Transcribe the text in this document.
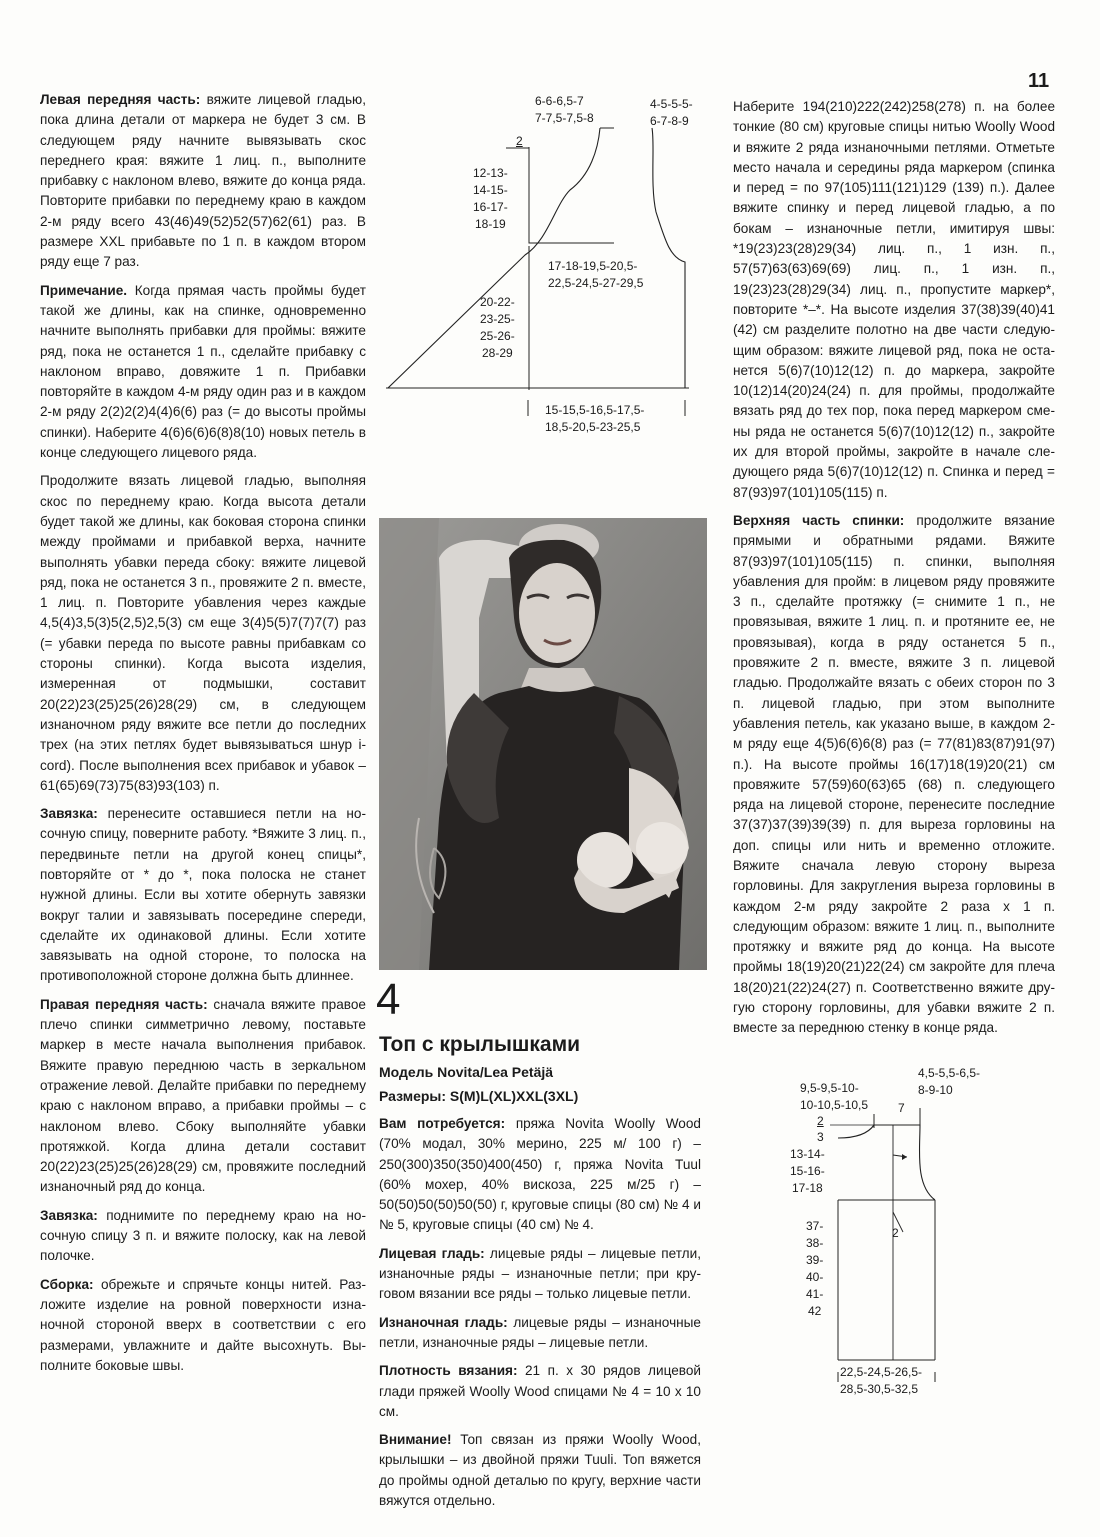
11

Левая передняя часть: вяжите лицевой гладью, пока длина детали от маркера не будет 3 см. В следующем ряду начните вывязывать скос переднего края: вяжите 1 лиц. п., выполните прибавку с наклоном влево, вяжите до конца ряда. Повторите прибавки по переднему краю в каждом 2-м ряду всего 43(46)49(52)52(57)62(61) раз. В размере XXL прибавьте по 1 п. в каждом втором ряду еще 7 раз.

Примечание. Когда прямая часть проймы будет такой же длины, как на спинке, одновременно начните выполнять прибавки для проймы: вяжите ряд, пока не останется 1 п., сделайте прибавку с наклоном вправо, довяжите 1 п. Прибавки повторяйте в каждом 4-м ряду один раз и в каждом 2-м ряду 2(2)2(2)4(4)6(6) раз (= до высоты проймы спинки). Наберите 4(6)6(6)6(8)8(10) новых петель в конце следующего лицевого ряда.

Продолжите вязать лицевой гладью, выполняя скос по переднему краю. Когда высота детали будет такой же длины, как боковая сторона спинки между проймами и прибавкой верха, начните выполнять убавки переда сбоку: вяжите лицевой ряд, пока не останется 3 п., провяжите 2 п. вместе, 1 лиц. п. Повторите убавления через каждые 4,5(4)3,5(3)5(2,5)2,5(3) см еще 3(4)5(5)7(7)7(7) раз (= убавки переда по высоте равны прибавкам со стороны спинки). Когда высота изделия, измеренная от подмышки, составит 20(22)23(25)25(26)28(29) см, в следующем изнаночном ряду вяжите все петли до последних трех (на этих петлях будет вывязываться шнур i-cord). После выполнения всех прибавок и убавок – 61(65)69(73)75(83)93(103) п.

Завязка: перенесите оставшиеся петли на носочную спицу, поверните работу. *Вяжите 3 лиц. п., передвиньте петли на другой конец спицы*, повторяйте от * до *, пока полоска не станет нужной длины. Если вы хотите обернуть завязки вокруг талии и завязывать посередине спереди, сделайте их одинаковой длины. Если хотите завязывать на одной стороне, то полоска на противоположной стороне должна быть длиннее.

Правая передняя часть: сначала вяжите правое плечо спинки симметрично левому, поставьте маркер в месте начала выполнения прибавок. Вяжите правую переднюю часть в зеркальном отражение левой. Делайте прибавки по переднему краю с наклоном вправо, а прибавки проймы – с наклоном влево. Сбоку выполняйте убавки протяжкой. Когда длина детали составит 20(22)23(25)25(26)28(29) см, провяжите последний изнаночный ряд до конца.

Завязка: поднимите по переднему краю на носочную спицу 3 п. и вяжите полоску, как на левой полочке.

Сборка: обрежьте и спрячьте концы нитей. Разложите изделие на ровной поверхности изнаночной стороной вверх в соответствии с его размерами, увлажните и дайте высохнуть. Выполните боковые швы.

6-6-6,5-7
7-7,5-7,5-8
4-5-5-5-
6-7-8-9
2
12-13-
14-15-
16-17-
18-19
17-18-19,5-20,5-
22,5-24,5-27-29,5
20-22-
23-25-
25-26-
28-29
15-15,5-16,5-17,5-
18,5-20,5-23-25,5
4
Топ с крылышками
Модель Novita/Lea Petäjä
Размеры: S(M)L(XL)XXL(3XL)

Вам потребуется: пряжа Novita Woolly Wood (70% модал, 30% мерино, 225 м/ 100 г) – 250(300)350(350)400(450) г, пряжа Novita Tuul (60% мохер, 40% вискоза, 225 м/25 г) – 50(50)50(50)50(50) г, круговые спицы (80 см) № 4 и № 5, круговые спицы (40 см) № 4.

Лицевая гладь: лицевые ряды – лицевые петли, изнаночные ряды – изнаночные петли; при круговом вязании все ряды – только лицевые петли.

Изнаночная гладь: лицевые ряды – изнаночные петли, изнаночные ряды – лицевые петли.

Плотность вязания: 21 п. х 30 рядов лицевой глади пряжей Woolly Wood спицами № 4 = 10 х 10 см.

Внимание! Топ связан из пряжи Woolly Wood, крылышки – из двойной пряжи Tuuli. Топ вяжется до проймы одной деталью по кругу, верхние части вяжутся отдельно.

Наберите 194(210)222(242)258(278) п. на более тонкие (80 см) круговые спицы нитью Woolly Wood и вяжите 2 ряда изнаночными петлями. Отметьте место начала и середины ряда маркером (спинка и перед = по 97(105)111(121)129 (139) п.). Далее вяжите спинку и перед лицевой гладью, а по бокам – изнаночные петли, имитируя швы: *19(23)23(28)29(34) лиц. п., 1 изн. п., 57(57)63(63)69(69) лиц. п., 1 изн. п., 19(23)23(28)29(34) лиц. п., пропустите маркер*, повторите *–*. На высоте изделия 37(38)39(40)41 (42) см разделите полотно на две части следующим образом: вяжите лицевой ряд, пока не останется 5(6)7(10)12(12) п. до маркера, закройте 10(12)14(20)24(24) п. для проймы, продолжайте вязать ряд до тех пор, пока перед маркером смены ряда не останется 5(6)7(10)12(12) п., закройте их для второй проймы, закройте в начале следующего ряда 5(6)7(10)12(12) п. Спинка и перед = 87(93)97(101)105(115) п.

Верхняя часть спинки: продолжите вязание прямыми и обратными рядами. Вяжите 87(93)97(101)105(115) п. спинки, выполняя убавления для пройм: в лицевом ряду провяжите 3 п., сделайте протяжку (= снимите 1 п., не провязывая, вяжите 1 лиц. п. и протяните ее, не провязывая), когда в ряду останется 5 п., провяжите 2 п. вместе, вяжите 3 п. лицевой гладью. Продолжайте вязать с обеих сторон по 3 п. лицевой гладью, при этом выполните убавления петель, как указано выше, в каждом 2-м ряду еще 4(5)6(6)6(8) раз (= 77(81)83(87)91(97) п.). На высоте проймы 16(17)18(19)20(21) см провяжите 57(59)60(63)65 (68) п. следующего ряда на лицевой стороне, перенесите последние 37(37)37(39)39(39) п. для выреза горловины на доп. спицы или нить и временно отложите. Вяжите сначала левую сторону выреза горловины. Для закругления выреза горловины в каждом 2-м ряду закройте 2 раза х 1 п. следующим образом: вяжите 1 лиц. п., выполните протяжку и вяжите ряд до конца. На высоте проймы 18(19)20(21)22(24) см закройте для плеча 18(20)21(22)24(27) п. Соответственно вяжите другую сторону горловины, для убавки вяжите 2 п. вместе за переднюю стенку в конце ряда.

9,5-9,5-10-
10-10,5-10,5
4,5-5,5-6,5-
8-9-10
7
2
3
13-14-
15-16-
17-18
2
37-
38-
39-
40-
41-
42
22,5-24,5-26,5-
28,5-30,5-32,5
